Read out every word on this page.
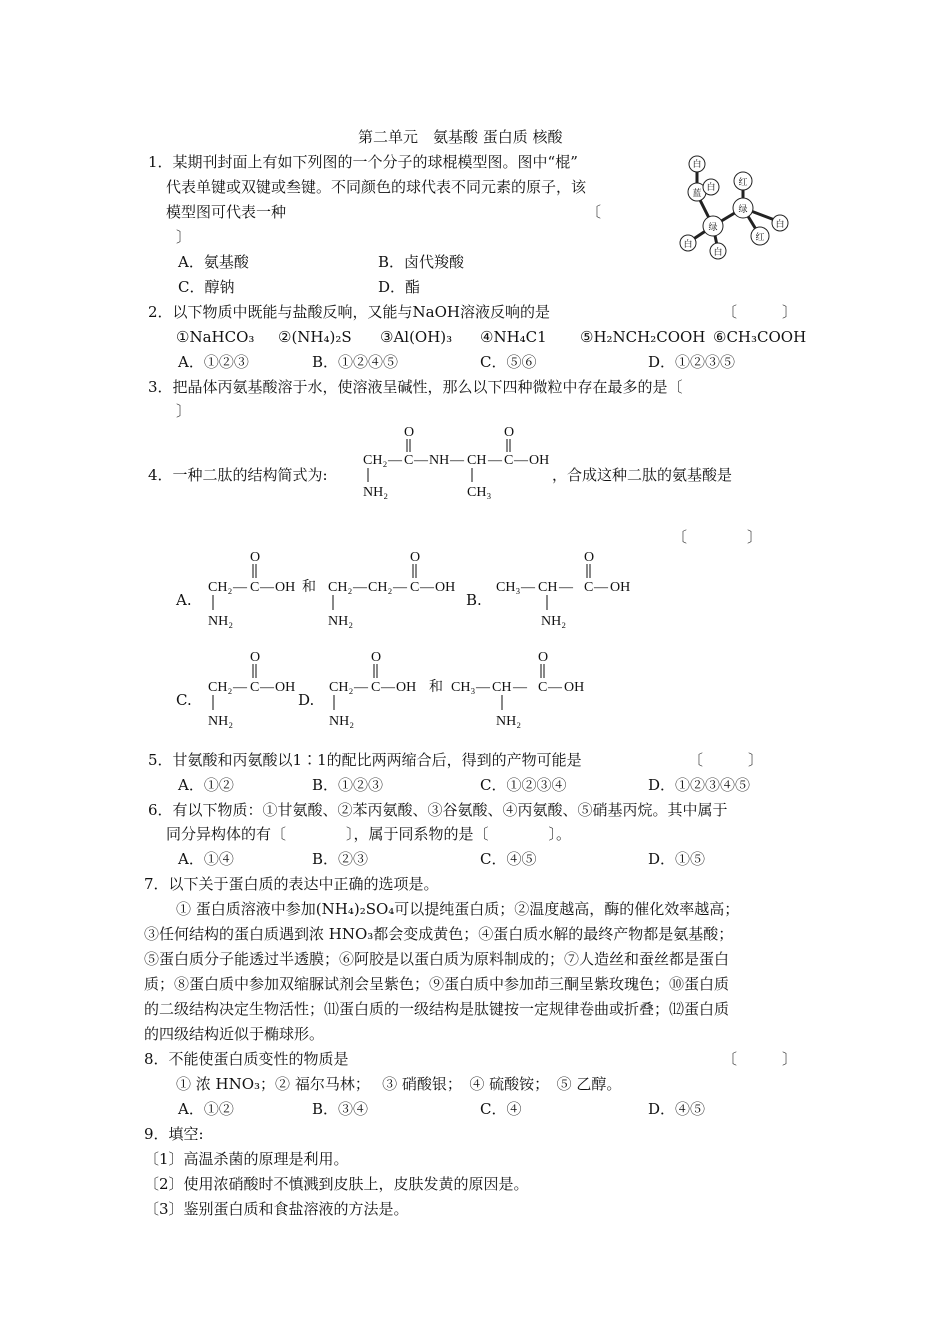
第二单元　氨基酸 蛋白质 核酸
1．某期刊封面上有如下列图的一个分子的球棍模型图。图中“棍”
代表单键或双键或叁键。不同颜色的球代表不同元素的原子，该
模型图可代表一种	〔
〕
A．氨基酸	B．卤代羧酸
C．醇钠	D．酯
白
蓝
白	红
绿
绿
白
红
白
白
2．以下物质中既能与盐酸反响，又能与NaOH溶液反响的是	〔　　　〕
①NaHCO₃ ②(NH₄)₂S ③Al(OH)₃ ④NH₄C1 ⑤H₂NCH₂COOH ⑥CH₃COOH
A．①②③	B．①②④⑤	C．⑤⑥	D．①②③⑤
3．把晶体丙氨基酸溶于水，使溶液呈碱性，那么以下四种微粒中存在最多的是〔
〕
4．一种二肽的结构简式为:
CH₂ — C — NH — CH — C — OH
O	O
NH₂	CH₃
，合成这种二肽的氨基酸是
〔　　　　〕
A.
CH₂ — C — OH 和 CH₂ — CH₂ — C — OH
O	O
NH₂	NH₂
B.
CH₃ — CH — C — OH
O
NH₂
C.
CH₂ — C — OH
O
NH₂
D.
CH₂ — C — OH 和 CH₃ — CH — C — OH
O	O
NH₂	NH₂
5．甘氨酸和丙氨酸以1∶1的配比两两缩合后，得到的产物可能是	〔　　　〕
A．①②	B．①②③	C．①②③④	D．①②③④⑤
6．有以下物质：①甘氨酸、②苯丙氨酸、③谷氨酸、④丙氨酸、⑤硝基丙烷。其中属于
同分异构体的有〔　　　　〕，属于同系物的是〔　　　　〕。
A．①④	B．②③	C．④⑤	D．①⑤
7．以下关于蛋白质的表达中正确的选项是。
① 蛋白质溶液中参加(NH₄)₂SO₄可以提纯蛋白质；②温度越高，酶的催化效率越高；
③任何结构的蛋白质遇到浓 HNO₃都会变成黄色；④蛋白质水解的最终产物都是氨基酸；
⑤蛋白质分子能透过半透膜；⑥阿胶是以蛋白质为原料制成的；⑦人造丝和蚕丝都是蛋白
质；⑧蛋白质中参加双缩脲试剂会呈紫色；⑨蛋白质中参加茚三酮呈紫玫瑰色；⑩蛋白质
的二级结构决定生物活性；⑾蛋白质的一级结构是肽键按一定规律卷曲或折叠；⑿蛋白质
的四级结构近似于椭球形。
8．不能使蛋白质变性的物质是	〔　　　〕
① 浓 HNO₃；② 福尔马林；　 ③ 硝酸银；　④ 硫酸铵；　⑤ 乙醇。
A．①②	B．③④	C．④	D．④⑤
9．填空:
〔1〕高温杀菌的原理是利用。
〔2〕使用浓硝酸时不慎溅到皮肤上，皮肤发黄的原因是。
〔3〕鉴别蛋白质和食盐溶液的方法是。
